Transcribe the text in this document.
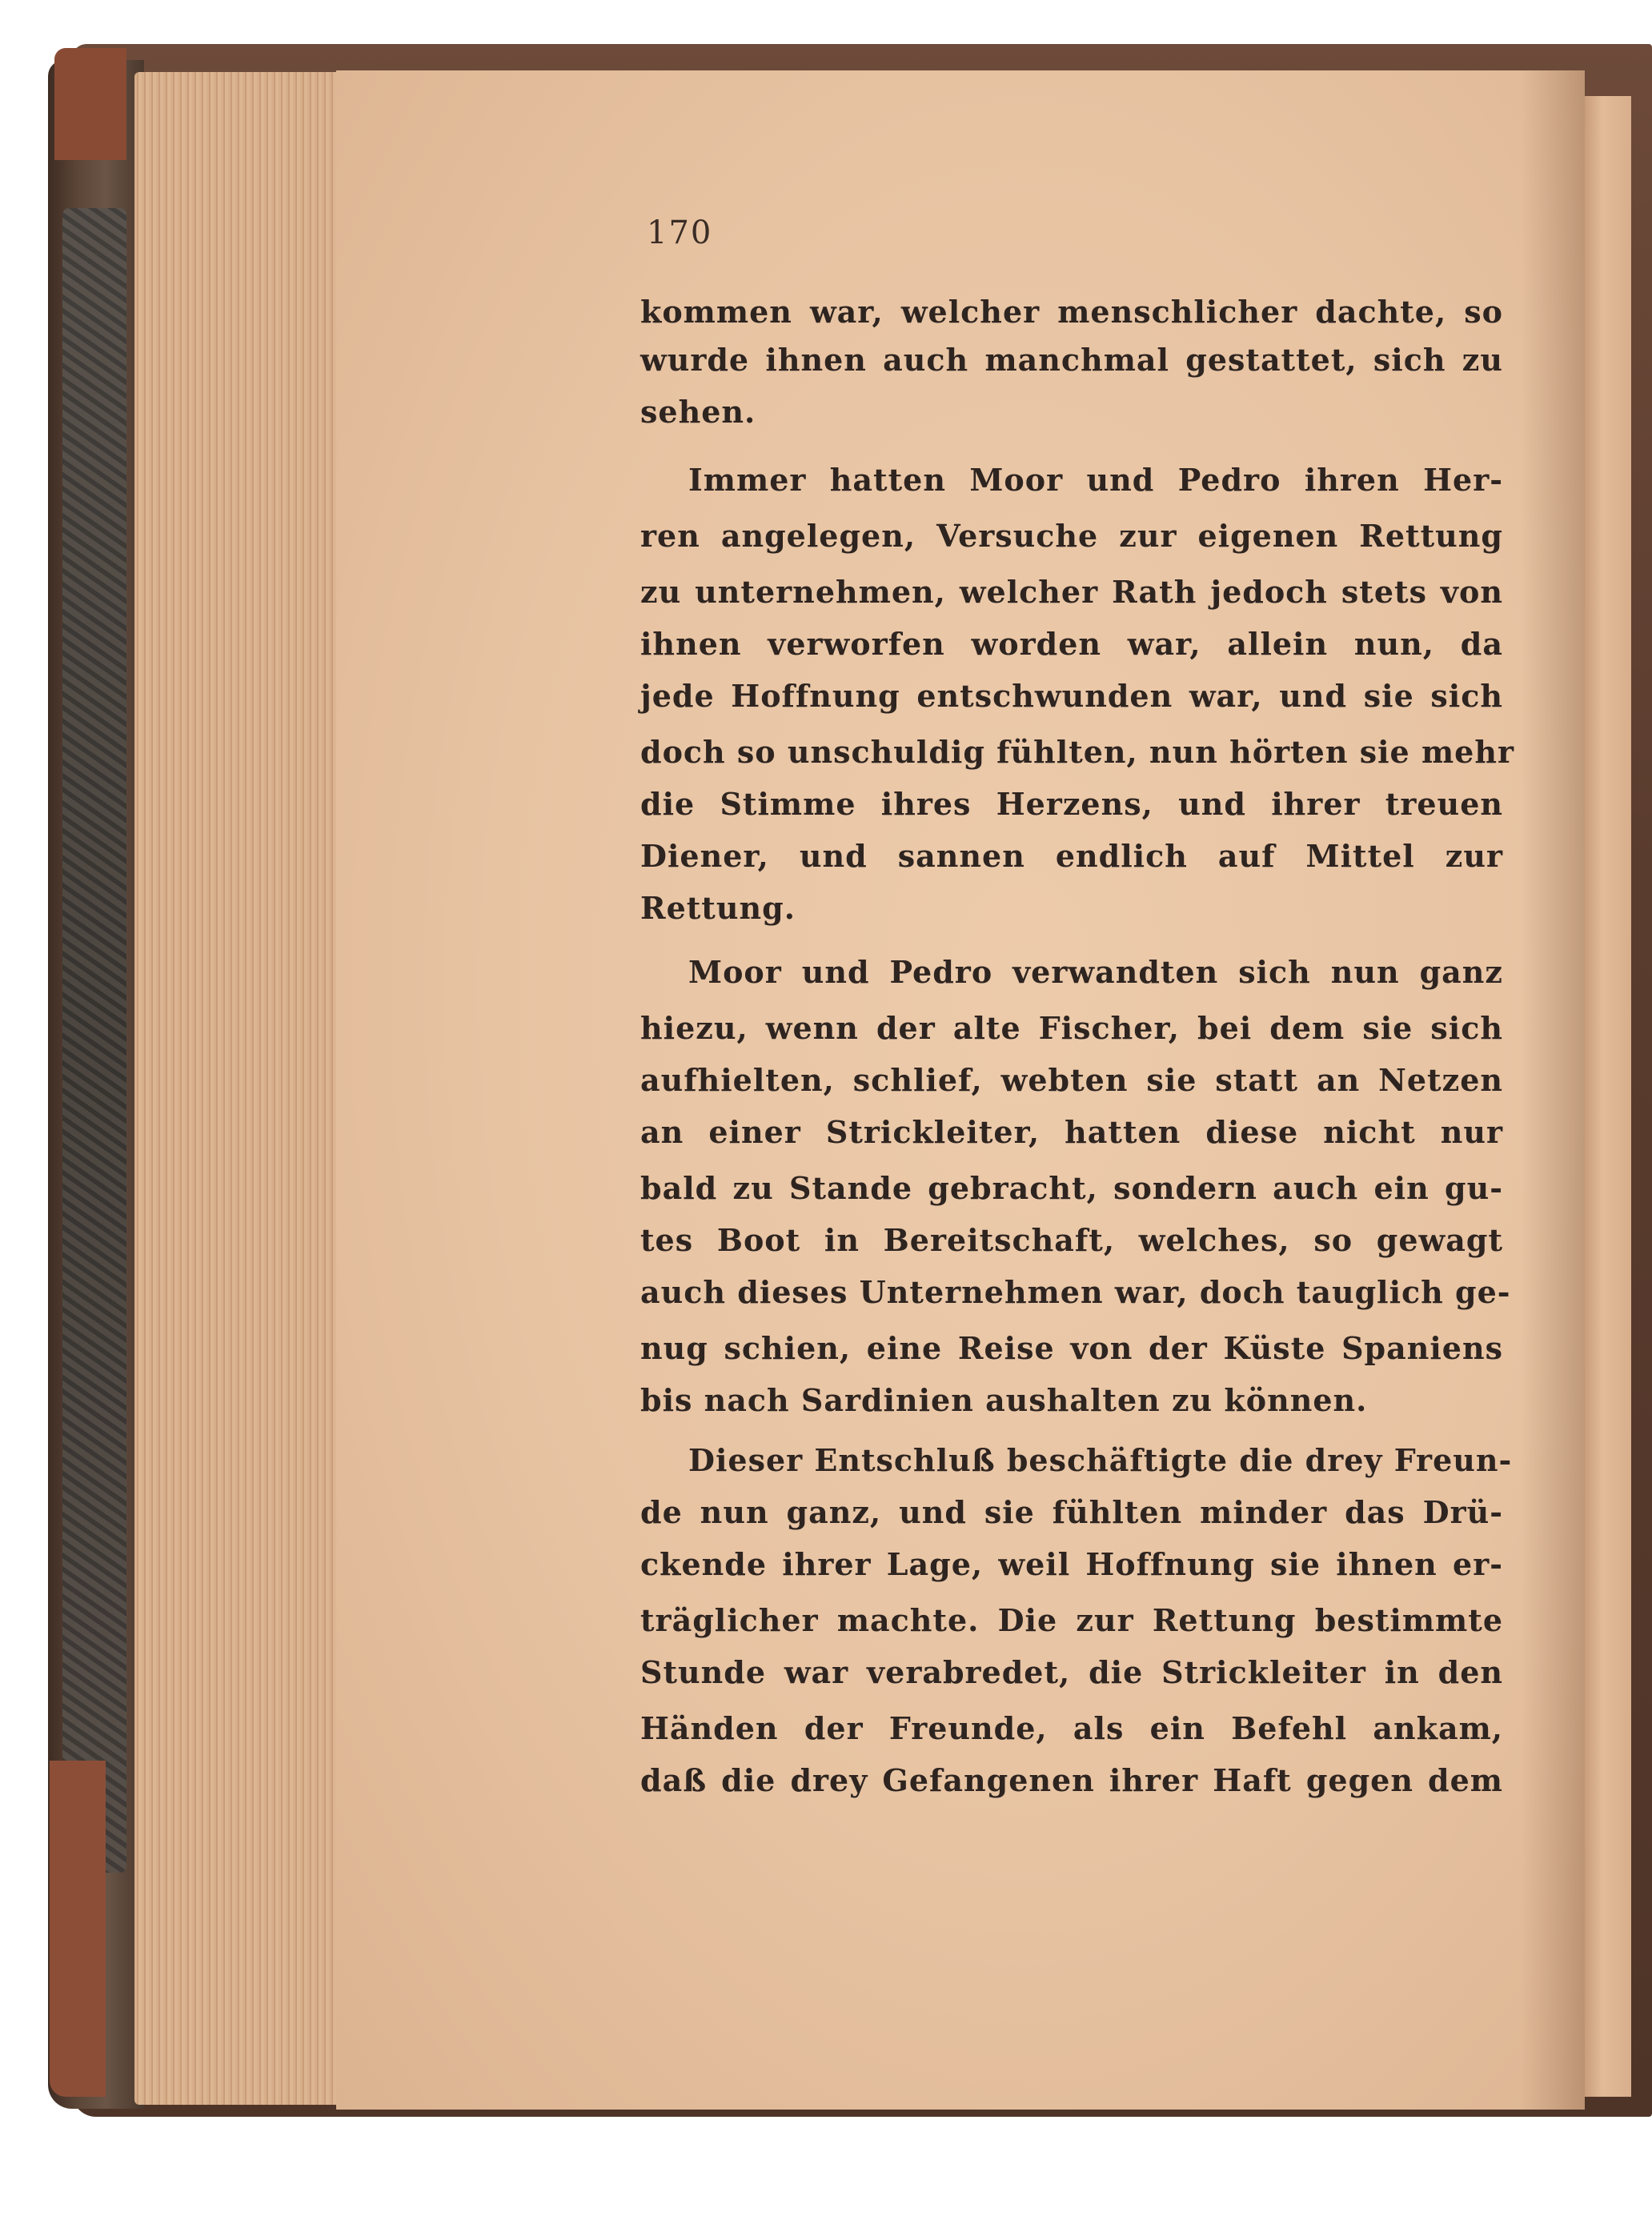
170
kommen war, welcher menschlicher dachte, so
wurde ihnen auch manchmal gestattet, sich zu
sehen.
Immer hatten Moor und Pedro ihren Her-
ren angelegen, Versuche zur eigenen Rettung
zu unternehmen, welcher Rath jedoch stets von
ihnen verworfen worden war, allein nun, da
jede Hoffnung entschwunden war, und sie sich
doch so unschuldig fühlten, nun hörten sie mehr
die Stimme ihres Herzens, und ihrer treuen
Diener, und sannen endlich auf Mittel zur
Rettung.
Moor und Pedro verwandten sich nun ganz
hiezu, wenn der alte Fischer, bei dem sie sich
aufhielten, schlief, webten sie statt an Netzen
an einer Strickleiter, hatten diese nicht nur
bald zu Stande gebracht, sondern auch ein gu-
tes Boot in Bereitschaft, welches, so gewagt
auch dieses Unternehmen war, doch tauglich ge-
nug schien, eine Reise von der Küste Spaniens
bis nach Sardinien aushalten zu können.
Dieser Entschluß beschäftigte die drey Freun-
de nun ganz, und sie fühlten minder das Drü-
ckende ihrer Lage, weil Hoffnung sie ihnen er-
träglicher machte. Die zur Rettung bestimmte
Stunde war verabredet, die Strickleiter in den
Händen der Freunde, als ein Befehl ankam,
daß die drey Gefangenen ihrer Haft gegen dem
